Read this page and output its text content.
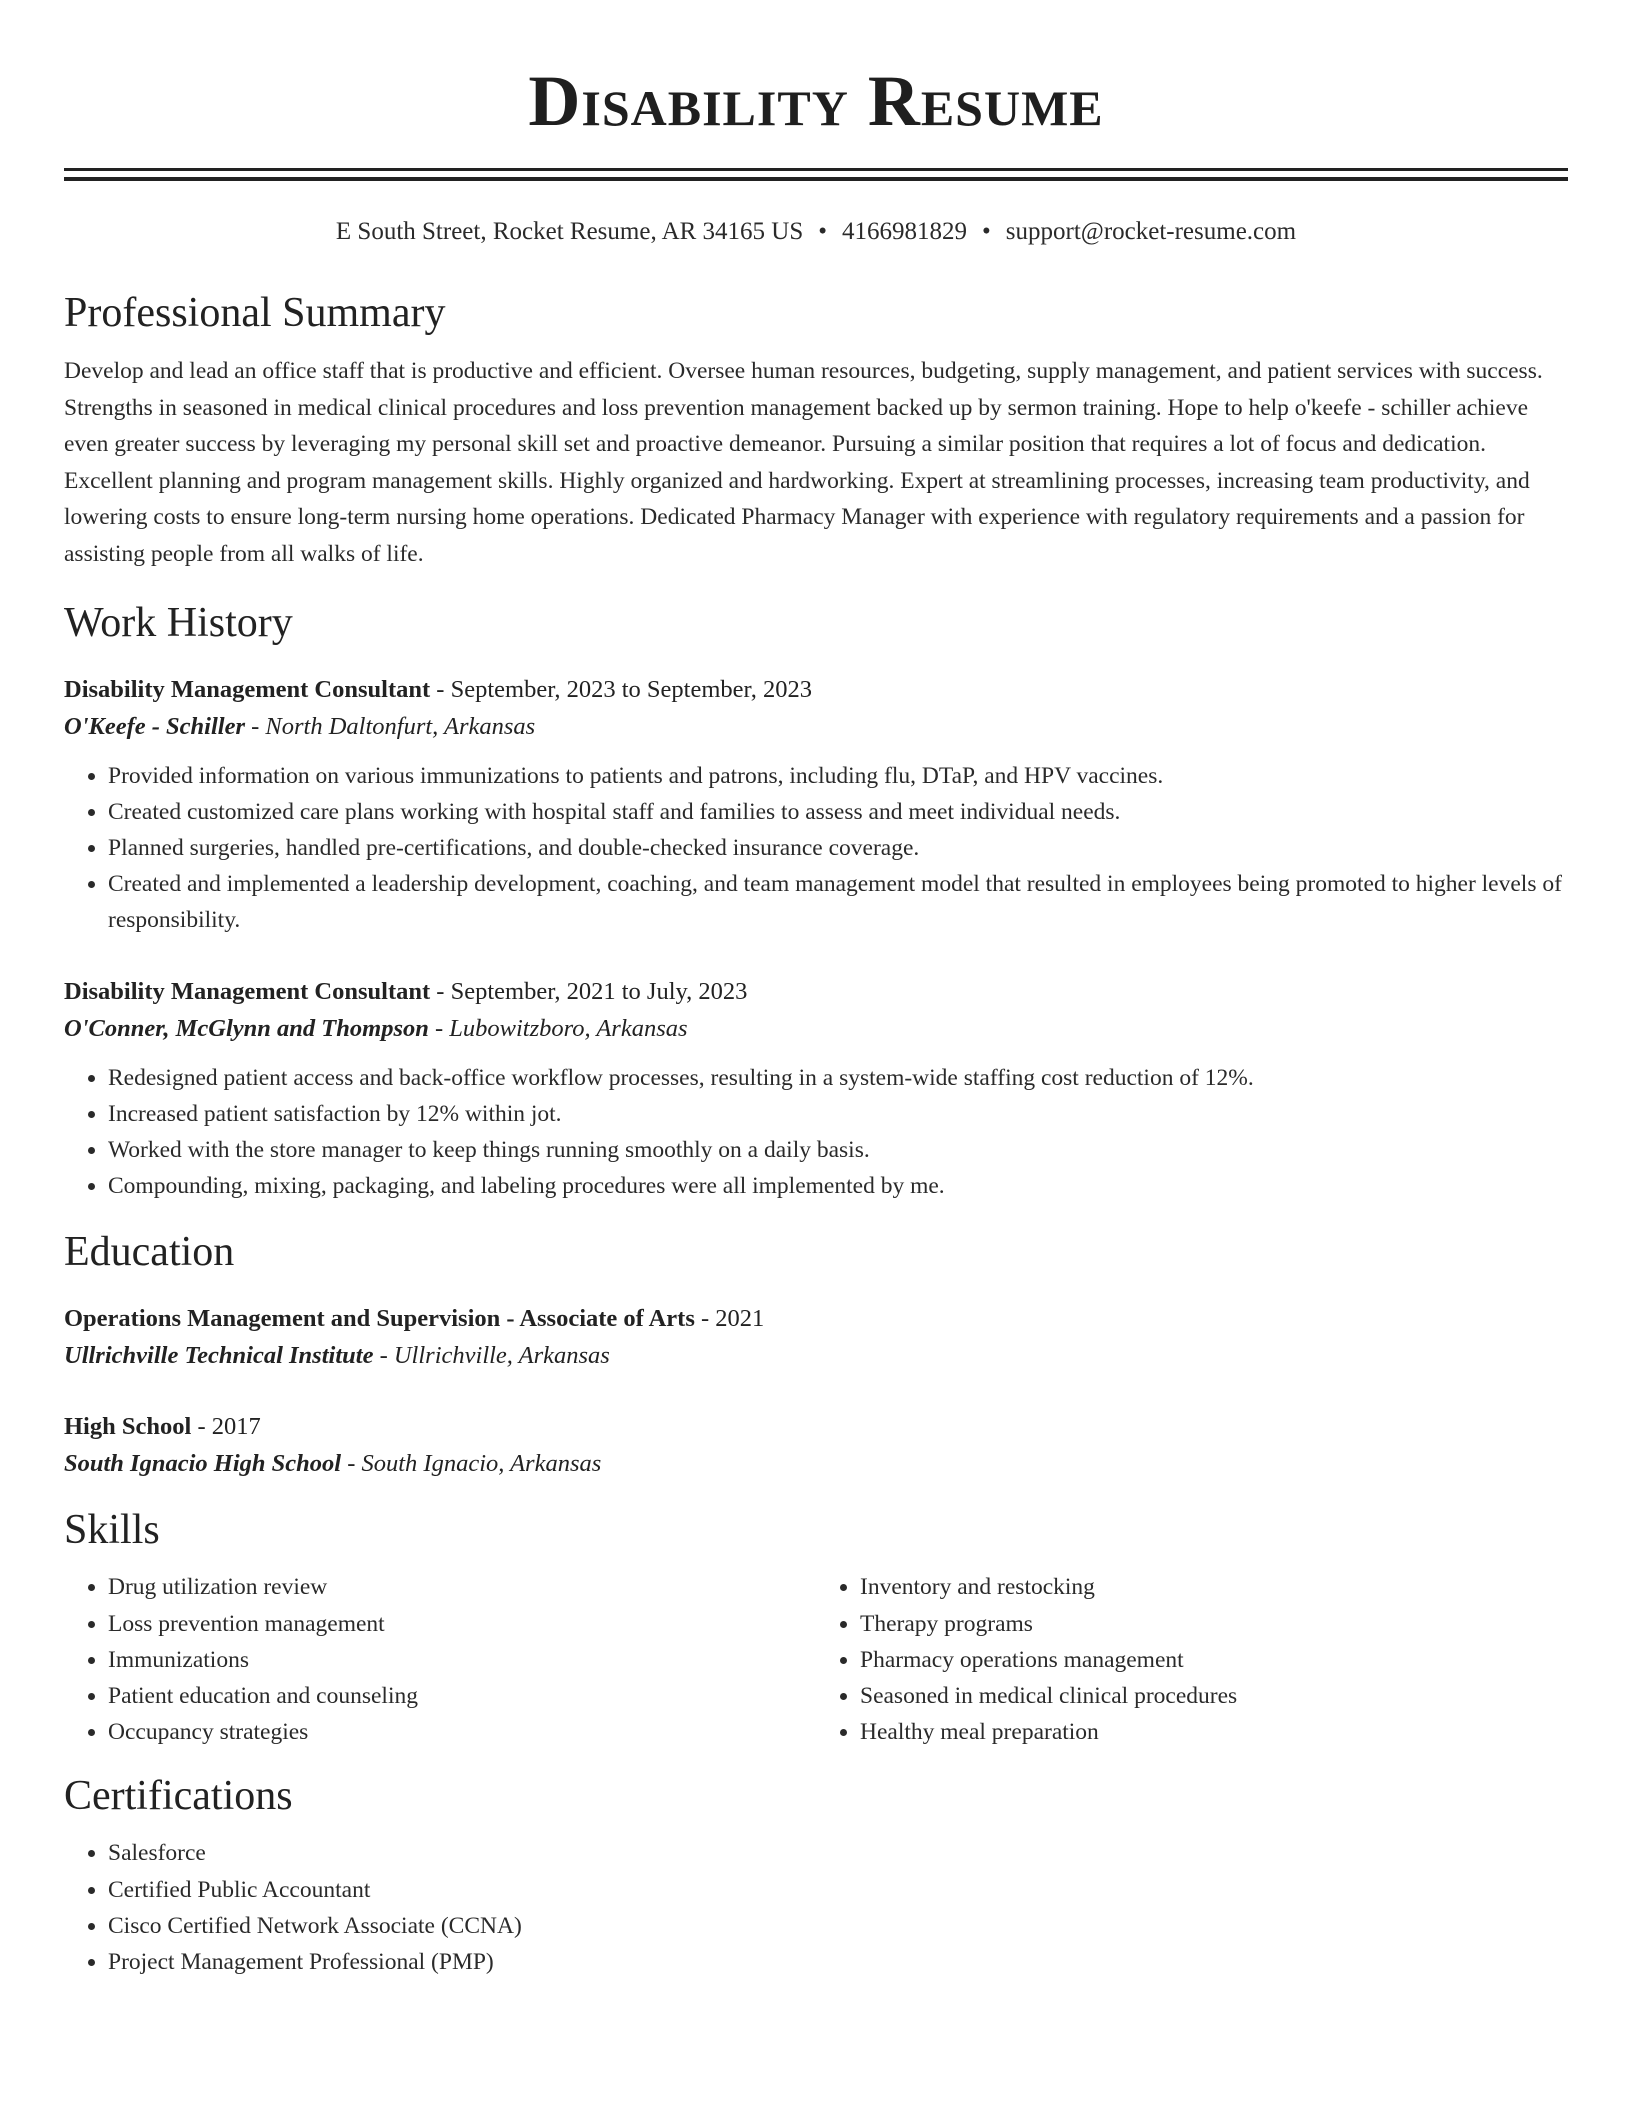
Disability Resume
E South Street, Rocket Resume, AR 34165 US • 4166981829 • support@rocket-resume.com
Professional Summary

Develop and lead an office staff that is productive and efficient. Oversee human resources, budgeting, supply management, and patient services with success. Strengths in seasoned in medical clinical procedures and loss prevention management backed up by sermon training. Hope to help o'keefe - schiller achieve even greater success by leveraging my personal skill set and proactive demeanor. Pursuing a similar position that requires a lot of focus and dedication. Excellent planning and program management skills. Highly organized and hardworking. Expert at streamlining processes, increasing team productivity, and lowering costs to ensure long-term nursing home operations. Dedicated Pharmacy Manager with experience with regulatory requirements and a passion for assisting people from all walks of life.

Work History
Disability Management Consultant - September, 2023 to September, 2023
O'Keefe - Schiller - North Daltonfurt, Arkansas
• Provided information on various immunizations to patients and patrons, including flu, DTaP, and HPV vaccines.
• Created customized care plans working with hospital staff and families to assess and meet individual needs.
• Planned surgeries, handled pre-certifications, and double-checked insurance coverage.
• Created and implemented a leadership development, coaching, and team management model that resulted in employees being promoted to higher levels of responsibility.
Disability Management Consultant - September, 2021 to July, 2023
O'Conner, McGlynn and Thompson - Lubowitzboro, Arkansas
• Redesigned patient access and back-office workflow processes, resulting in a system-wide staffing cost reduction of 12%.
• Increased patient satisfaction by 12% within jot.
• Worked with the store manager to keep things running smoothly on a daily basis.
• Compounding, mixing, packaging, and labeling procedures were all implemented by me.
Education
Operations Management and Supervision - Associate of Arts - 2021
Ullrichville Technical Institute - Ullrichville, Arkansas
High School - 2017
South Ignacio High School - South Ignacio, Arkansas
Skills
• Drug utilization review
• Loss prevention management
• Immunizations
• Patient education and counseling
• Occupancy strategies
• Inventory and restocking
• Therapy programs
• Pharmacy operations management
• Seasoned in medical clinical procedures
• Healthy meal preparation
Certifications
• Salesforce
• Certified Public Accountant
• Cisco Certified Network Associate (CCNA)
• Project Management Professional (PMP)
